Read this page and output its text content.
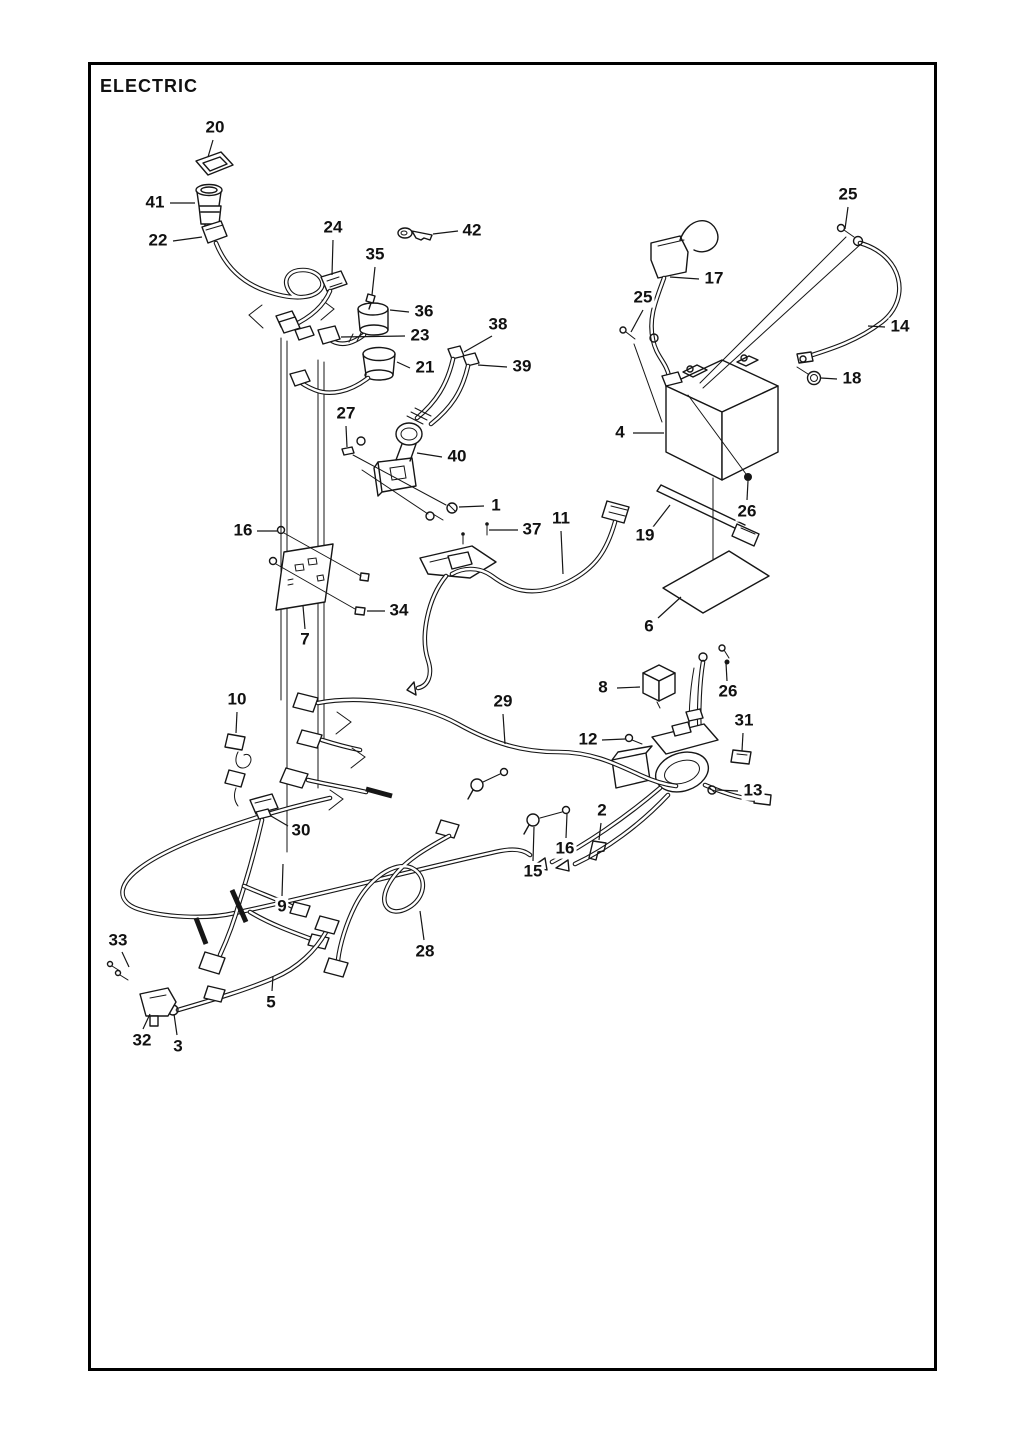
ELECTRIC
20
41
22
24
35
42
36
23
21
38
39
27
40
1
37
11
16
34
7
25
17
25
14
18
4
26
19
6
8	26
10	29
31
12
13
30
2
16
15
9
28
33
5
32 3
